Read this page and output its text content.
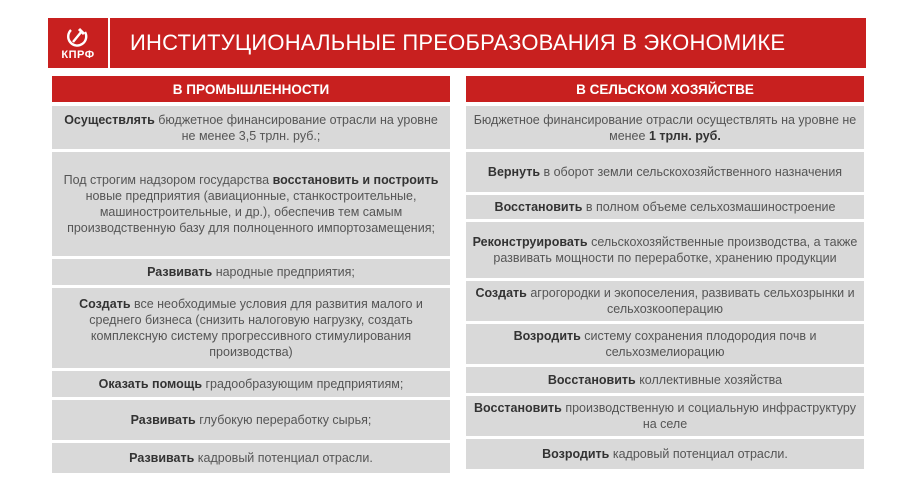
КПРФ	ИНСТИТУЦИОНАЛЬНЫЕ ПРЕОБРАЗОВАНИЯ В ЭКОНОМИКЕ
В ПРОМЫШЛЕННОСТИ
Осуществлять бюджетное финансирование отрасли на уровне не менее 3,5 трлн. руб.;
Под строгим надзором государства восстановить и построить новые предприятия (авиационные, станкостроительные, машиностроительные, и др.), обеспечив тем самым производственную базу для полноценного импортозамещения;
Развивать народные предприятия;
Создать все необходимые условия для развития малого и среднего бизнеса (снизить налоговую нагрузку, создать комплексную систему прогрессивного стимулирования производства)
Оказать помощь градообразующим предприятиям;
Развивать глубокую переработку сырья;
Развивать кадровый потенциал отрасли.
В СЕЛЬСКОМ ХОЗЯЙСТВЕ
Бюджетное финансирование отрасли осуществлять на уровне не менее 1 трлн. руб.
Вернуть в оборот земли сельскохозяйственного назначения
Восстановить в полном объеме сельхозмашиностроение
Реконструировать сельскохозяйственные производства, а также развивать мощности по переработке, хранению продукции
Создать агрогородки и экопоселения, развивать сельхозрынки и сельхозкооперацию
Возродить систему сохранения плодородия почв и сельхозмелиорацию
Восстановить коллективные хозяйства
Восстановить производственную и социальную инфраструктуру на селе
Возродить кадровый потенциал отрасли.
